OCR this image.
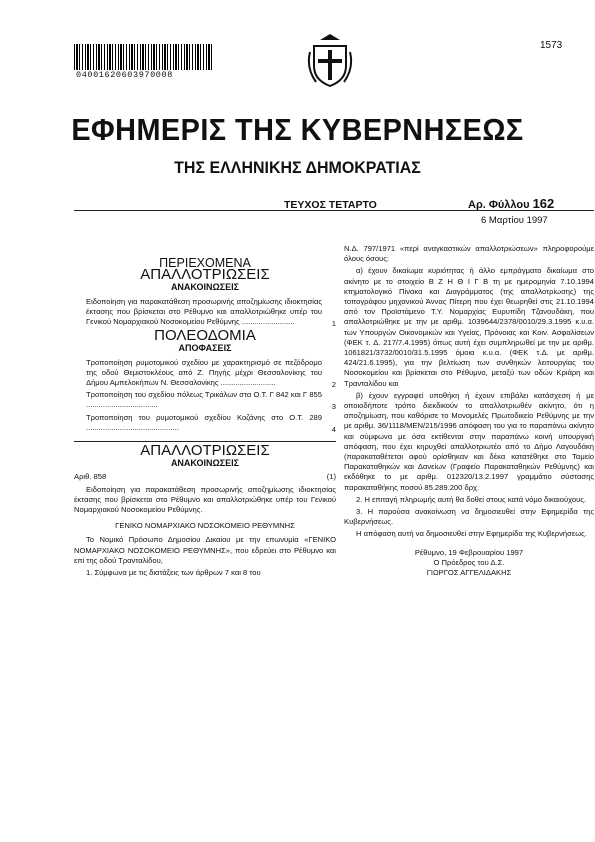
04001620603970008
1573
ΕΦΗΜΕΡΙΣ ΤΗΣ ΚΥΒΕΡΝΗΣΕΩΣ
ΤΗΣ ΕΛΛΗΝΙΚΗΣ ΔΗΜΟΚΡΑΤΙΑΣ
ΤΕΥΧΟΣ ΤΕΤΑΡΤΟ	Αρ. Φύλλου 162
6 Μαρτίου 1997
ΠΕΡΙΕΧΟΜΕΝΑ
ΑΠΑΛΛΟΤΡΙΩΣΕΙΣ
ΑΝΑΚΟΙΝΩΣΕΙΣ
Ειδοποίηση για παρακατάθεση προσωρινής αποζημίωσης ιδιοκτησίας έκτασης που βρίσκεται στο Ρέθυμνο και απαλλοτριώθηκε υπέρ του Γενικού Νομαρχιακού Νοσοκομείου Ρεθύμνης .........................	1
ΠΟΛΕΟΔΟΜΙΑ
ΑΠΟΦΑΣΕΙΣ
Τροποποίηση ρυμοτομικού σχεδίου με χαρακτηρισμό σε πεζόδρομο της οδού Θεμιστοκλέους από Ζ. Πηγής μέχρι Θεσσαλονίκης του Δήμου Αμπελοκήπων Ν. Θεσσαλονίκης ..........................	2
Τροποποίηση του σχεδίου πόλεως Τρικάλων στα Ο.Τ. Γ 842 και Γ 855 ..................................	3
Τροποποίηση του ρυμοτομικού σχεδίου Κοζάνης στο Ο.Τ. 289 ............................................	4
ΑΠΑΛΛΟΤΡΙΩΣΕΙΣ
ΑΝΑΚΟΙΝΩΣΕΙΣ
Αριθ. 858	(1)
Ειδοποίηση για παρακατάθεση προσωρινής αποζημίωσης ιδιοκτησίας έκτασης που βρίσκεται στο Ρέθυμνο και απαλλοτριώθηκε υπέρ του Γενικού Νομαρχιακού Νοσοκομείου Ρεθύμνης.
ΓΕΝΙΚΟ ΝΟΜΑΡΧΙΑΚΟ ΝΟΣΟΚΟΜΕΙΟ ΡΕΘΥΜΝΗΣ
Το Νομικό Πρόσωπο Δημοσίου Δικαίου με την επωνυμία «ΓΕΝΙΚΟ ΝΟΜΑΡΧΙΑΚΟ ΝΟΣΟΚΟΜΕΙΟ ΡΕΘΥΜΝΗΣ», που εδρεύει στο Ρέθυμνο και επί της οδού Τρανταλίδου,
1. Σύμφωνα με τις διατάξεις των άρθρων 7 και 8 του
Ν.Δ. 797/1971 «περί αναγκαστικών απαλλοτριώσεων» πληροφορούμε όλους όσους:
α) έχουν δικαίωμα κυριότητας ή άλλο εμπράγματο δικαίωμα στο ακίνητο με το στοιχείο Β Ζ Η Θ Ι Γ Β τη με ημερομηνία 7.10.1994 κτηματολογικό Πίνακα και Διαγράμματος (της απαλλοτρίωσης) της τοπογράφου μηχανικού Άννας Πίτερη που έχει θεωρηθεί στις 21.10.1994 από τον Προϊστάμενο Τ.Υ. Νομαρχίας Ευρυπίδη Τζανουδάκη, που απαλλοτριώθηκε με την με αριθμ. 1039644/2378/0010/29.3.1995 κ.υ.α. των Υπουργών Οικονομικών και Υγείας, Πρόνοιας και Κοιν. Ασφαλίσεων (ΦΕΚ τ. Δ. 217/7.4.1995) όπως αυτή έχει συμπληρωθεί με την με αριθμ. 1061821/3732/0010/31.5.1995 όμοια κ.υ.α. (ΦΕΚ τ.Δ. με αριθμ. 424/21.6.1995), για την βελτίωση των συνθηκών λειτουργίας του Νοσοκομείου και βρίσκεται στο Ρέθυμνο, μεταξύ των οδών Κριάρη και Τρανταλίδου και
β) έχουν εγγραφεί υποθήκη ή έχουν επιβάλει κατάσχεση ή με οποιοδήποτε τρόπο διεκδικούν το απαλλοτριωθέν ακίνητο, ότι η αποζημίωση, που καθόρισε το Μονομελές Πρωτοδικείο Ρεθύμνης με την με αριθμ. 36/1118/ΜΕΝ/215/1996 απόφαση του για το παραπάνω ακίνητο και σύμφωνα με όσα εκτίθενται στην παραπάνω κοινή υπουργική απόφαση, που έχει κηρυχθεί απαλλοτριωτέο από το Δήμο Λαγουδάκη (παρακαταθέτεται αφού ορίσθηκαν και δέκα κατατέθηκε στο Ταμείο Παρακαταθηκών και Δανείων (Γραφείο Παρακαταθηκών Ρεθύμνης) και εκδόθηκε το με αριθμ. 012320/13.2.1997 γραμμάτιο σύστασης παρακαταθήκης ποσού 85.289.200 δρχ.
2. Η επιταγή πληρωμής αυτή θα δοθεί στους κατά νόμο δικαιούχους.
3. Η παρούσα ανακοίνωση να δημοσιευθεί στην Εφημερίδα της Κυβερνήσεως.
Η απόφαση αυτή να δημοσιευθεί στην Εφημερίδα της Κυβερνήσεως.
Ρέθυμνο, 19 Φεβρουαρίου 1997
Ο Πρόεδρος του Δ.Σ.
ΓΙΩΡΓΟΣ ΑΓΓΕΛΙΔΑΚΗΣ
